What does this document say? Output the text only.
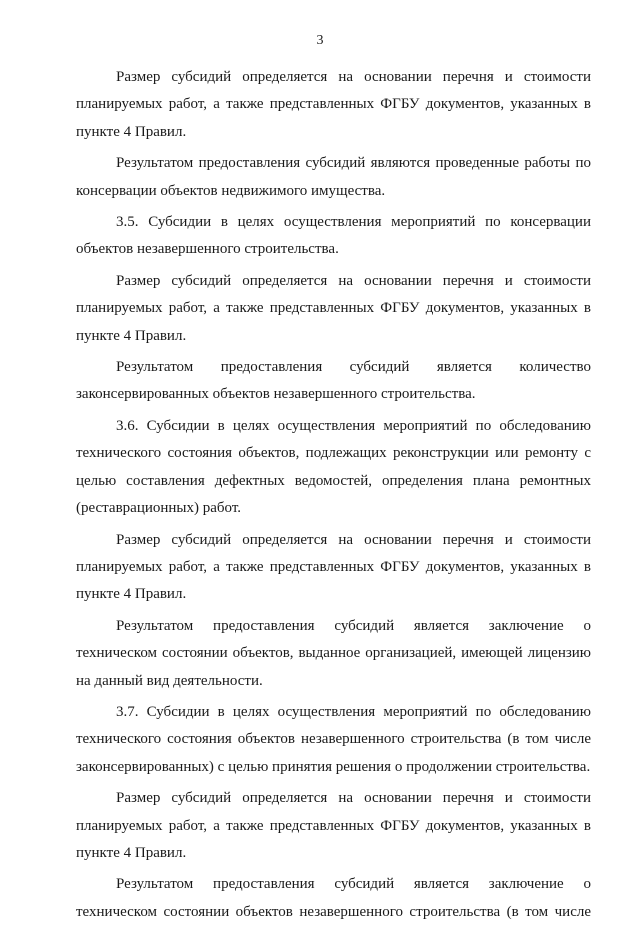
3

Размер субсидий определяется на основании перечня и стоимости планируемых работ, а также представленных ФГБУ документов, указанных в пункте 4 Правил.

Результатом предоставления субсидий являются проведенные работы по консервации объектов недвижимого имущества.

3.5. Субсидии в целях осуществления мероприятий по консервации объектов незавершенного строительства.

Размер субсидий определяется на основании перечня и стоимости планируемых работ, а также представленных ФГБУ документов, указанных в пункте 4 Правил.

Результатом предоставления субсидий является количество законсервированных объектов незавершенного строительства.

3.6. Субсидии в целях осуществления мероприятий по обследованию технического состояния объектов, подлежащих реконструкции или ремонту с целью составления дефектных ведомостей, определения плана ремонтных (реставрационных) работ.

Размер субсидий определяется на основании перечня и стоимости планируемых работ, а также представленных ФГБУ документов, указанных в пункте 4 Правил.

Результатом предоставления субсидий является заключение о техническом состоянии объектов, выданное организацией, имеющей лицензию на данный вид деятельности.

3.7. Субсидии в целях осуществления мероприятий по обследованию технического состояния объектов незавершенного строительства (в том числе законсервированных) с целью принятия решения о продолжении строительства.

Размер субсидий определяется на основании перечня и стоимости планируемых работ, а также представленных ФГБУ документов, указанных в пункте 4 Правил.

Результатом предоставления субсидий является заключение о техническом состоянии объектов незавершенного строительства (в том числе
